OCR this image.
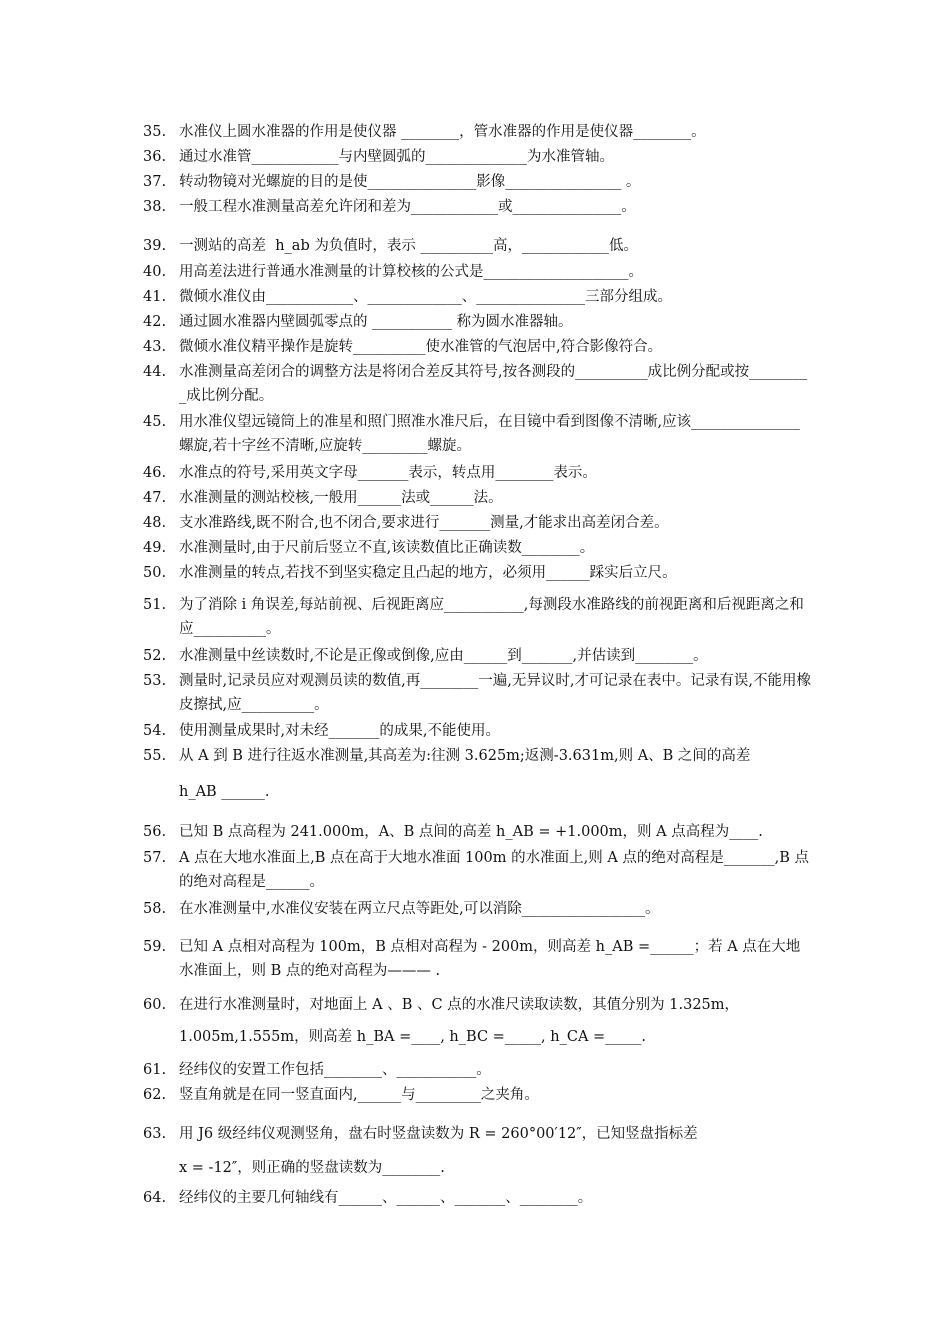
35. 水准仪上圆水准器的作用是使仪器 ________，管水准器的作用是使仪器________。
36. 通过水准管____________与内壁圆弧的______________为水准管轴。
37. 转动物镜对光螺旋的目的是使_______________影像________________ 。
38. 一般工程水准测量高差允许闭和差为____________或_______________。
39. 一测站的高差  h_ab 为负值时，表示 __________高，____________低。
40. 用高差法进行普通水准测量的计算校核的公式是____________________。
41. 微倾水准仪由____________、_____________、_______________三部分组成。
42. 通过圆水准器内壁圆弧零点的 ___________ 称为圆水准器轴。
43. 微倾水准仪精平操作是旋转__________使水准管的气泡居中,符合影像符合。
44. 水准测量高差闭合的调整方法是将闭合差反其符号,按各测段的__________成比例分配或按_________成比例分配。
45. 用水准仪望远镜筒上的准星和照门照准水准尺后，在目镜中看到图像不清晰,应该_______________螺旋,若十字丝不清晰,应旋转_________螺旋。
46. 水准点的符号,采用英文字母_______表示，转点用________表示。
47. 水准测量的测站校核,一般用______法或______法。
48. 支水准路线,既不附合,也不闭合,要求进行_______测量,才能求出高差闭合差。
49. 水准测量时,由于尺前后竖立不直,该读数值比正确读数________。
50. 水准测量的转点,若找不到坚实稳定且凸起的地方，必须用______踩实后立尺。
51. 为了消除 i 角误差,每站前视、后视距离应___________,每测段水准路线的前视距离和后视距离之和应__________。
52. 水准测量中丝读数时,不论是正像或倒像,应由______到_______,并估读到________。
53. 测量时,记录员应对观测员读的数值,再________一遍,无异议时,才可记录在表中。记录有误,不能用橡皮擦拭,应__________。
54. 使用测量成果时,对未经_______的成果,不能使用。
55. 从 A 到 B 进行往返水准测量,其高差为:往测 3.625m;返测-3.631m,则 A、B 之间的高差
h_AB ______.
56. 已知 B 点高程为 241.000m，A、B 点间的高差 h_AB = +1.000m，则 A 点高程为____.
57. A 点在大地水准面上,B 点在高于大地水准面 100m 的水准面上,则 A 点的绝对高程是_______,B 点的绝对高程是______。
58. 在水准测量中,水准仪安装在两立尺点等距处,可以消除_________________。
59. 已知 A 点相对高程为 100m，B 点相对高程为 - 200m，则高差 h_AB =______；若 A 点在大地水准面上，则 B 点的绝对高程为——— .
60. 在进行水准测量时，对地面上 A 、B 、C 点的水准尺读取读数，其值分别为 1.325m，
1.005m,1.555m，则高差 h_BA =____, h_BC =_____, h_CA =_____.
61. 经纬仪的安置工作包括________、___________。
62. 竖直角就是在同一竖直面内,______与_________之夹角。
63. 用 J6 级经纬仪观测竖角，盘右时竖盘读数为 R = 260°00′12″，已知竖盘指标差
x = -12″，则正确的竖盘读数为________.
64. 经纬仪的主要几何轴线有______、______、_______、________。
